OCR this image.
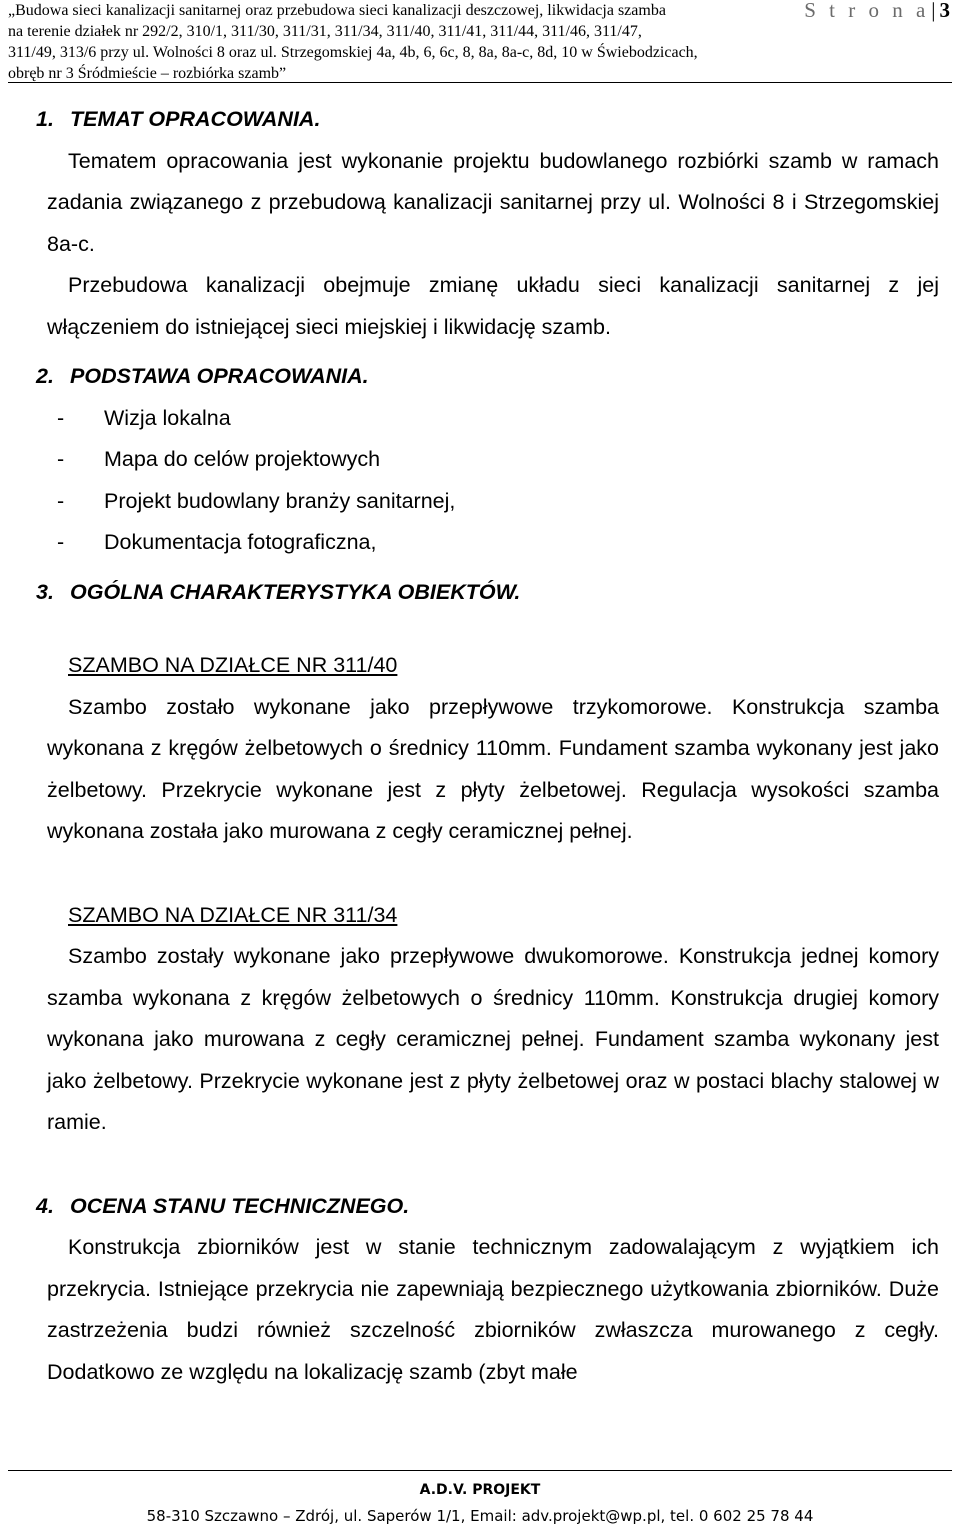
„Budowa sieci kanalizacji sanitarnej oraz przebudowa sieci kanalizacji deszczowej, likwidacja szamba
na terenie działek nr 292/2, 310/1, 311/30, 311/31, 311/34, 311/40, 311/41, 311/44, 311/46, 311/47,
311/49, 313/6 przy ul. Wolności 8 oraz ul. Strzegomskiej 4a, 4b, 6, 6c, 8, 8a, 8a-c, 8d, 10 w Świebodzicach,
obręb nr 3 Śródmieście – rozbiórka szamb”
S t r o n a| 3
1. TEMAT OPRACOWANIA.

Tematem opracowania jest wykonanie projektu budowlanego rozbiórki szamb w ramach zadania związanego z przebudową kanalizacji sanitarnej przy ul. Wolności 8 i Strzegomskiej 8a-c.

Przebudowa kanalizacji obejmuje zmianę układu sieci kanalizacji sanitarnej z jej włączeniem do istniejącej sieci miejskiej i likwidację szamb.

2. PODSTAWA OPRACOWANIA.
- Wizja lokalna
- Mapa do celów projektowych
- Projekt budowlany branży sanitarnej,
- Dokumentacja fotograficzna,
3. OGÓLNA CHARAKTERYSTYKA OBIEKTÓW.
SZAMBO NA DZIAŁCE NR 311/40

Szambo zostało wykonane jako przepływowe trzykomorowe. Konstrukcja szamba wykonana z kręgów żelbetowych o średnicy 110mm. Fundament szamba wykonany jest jako żelbetowy. Przekrycie wykonane jest z płyty żelbetowej. Regulacja wysokości szamba wykonana została jako murowana z cegły ceramicznej pełnej.

SZAMBO NA DZIAŁCE NR 311/34

Szambo zostały wykonane jako przepływowe dwukomorowe. Konstrukcja jednej komory szamba wykonana z kręgów żelbetowych o średnicy 110mm. Konstrukcja drugiej komory wykonana jako murowana z cegły ceramicznej pełnej. Fundament szamba wykonany jest jako żelbetowy. Przekrycie wykonane jest z płyty żelbetowej oraz w postaci blachy stalowej w ramie.

4. OCENA STANU TECHNICZNEGO.

Konstrukcja zbiorników jest w stanie technicznym zadowalającym z wyjątkiem ich przekrycia. Istniejące przekrycia nie zapewniają bezpiecznego użytkowania zbiorników. Duże zastrzeżenia budzi również szczelność zbiorników zwłaszcza murowanego z cegły. Dodatkowo ze względu na lokalizację szamb (zbyt małe

A.D.V. PROJEKT
58-310 Szczawno – Zdrój, ul. Saperów 1/1, Email: adv.projekt@wp.pl, tel. 0 602 25 78 44
